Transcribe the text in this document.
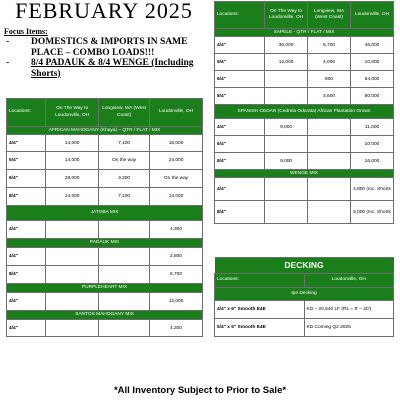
FEBRUARY 2025
Focus Items:
- DOMESTICS & IMPORTS IN SAME PLACE – COMBO LOADS!!!
- 8/4 PADAUK & 8/4 WENGE (Including Shorts)
Locations:	On The Way to Loudonville, OH	Longview, WA (West Coast)	Loudonville, OH
AFRICAN MAHOGANY (Khaya) – QTR / FLAT / MIX			
4/4"	14,000	7,100	18,000
5/4"	14,000	On the way	24,000
6/4"	28,000	3,200	On the way
8/4"	14,000	7,100	14,000
JATOBA MIX			
4/4"			4,300
PADAUK MIX			
4/4"			2,800
8/4"			6,700
PURPLEHEART MIX			
4/4"			12,000
SANTOS MAHOGANY MIX			
4/4"			4,300
Locations:	On The Way to Loudonville, OH	Longview, WA (West Coast)	Loudonville, OH
SAPELE - QTR / FLAT / MIX			
4/4"	36,000	6,700	46,000
5/4"	12,000	4,000	10,000
6/4"		800	54,000
8/4"		3,600	80,000
SPANISH CEDAR (Cedrela Odorata) African Plantation Grown			
4/4"	9,000		11,000
6/4"			10,000
8/4"	9,000		16,000
WENGE MIX			
4/4"			4,800 (Inc. Shorts
8/4"			5,000 (Inc. Shorts
DECKING	
Locations:	Loudonville, OH
Ipe Decking	
4/4" x 6" Smooth E4E	KD – 20,540 LF (RL = 8' – 20')
5/4" x 6" Smooth E4E	KD Coming Q2 2025
*All Inventory Subject to Prior to Sale*
